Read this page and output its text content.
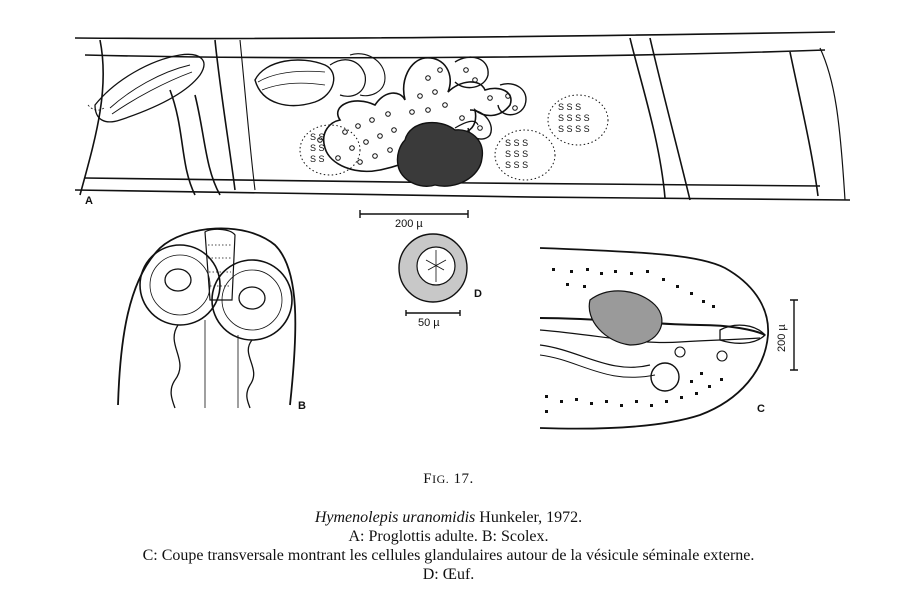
S S
S S
S S
S S S
S S S
S S S
S S S
S S S S
S S S S
A
B	C
D
200 µ
50 µ
200 µ
FIG. 17.
Hymenolepis uranomidis Hunkeler, 1972.
A: Proglottis adulte. B: Scolex.
C: Coupe transversale montrant les cellules glandulaires autour de la vésicule séminale externe.
D: Œuf.
